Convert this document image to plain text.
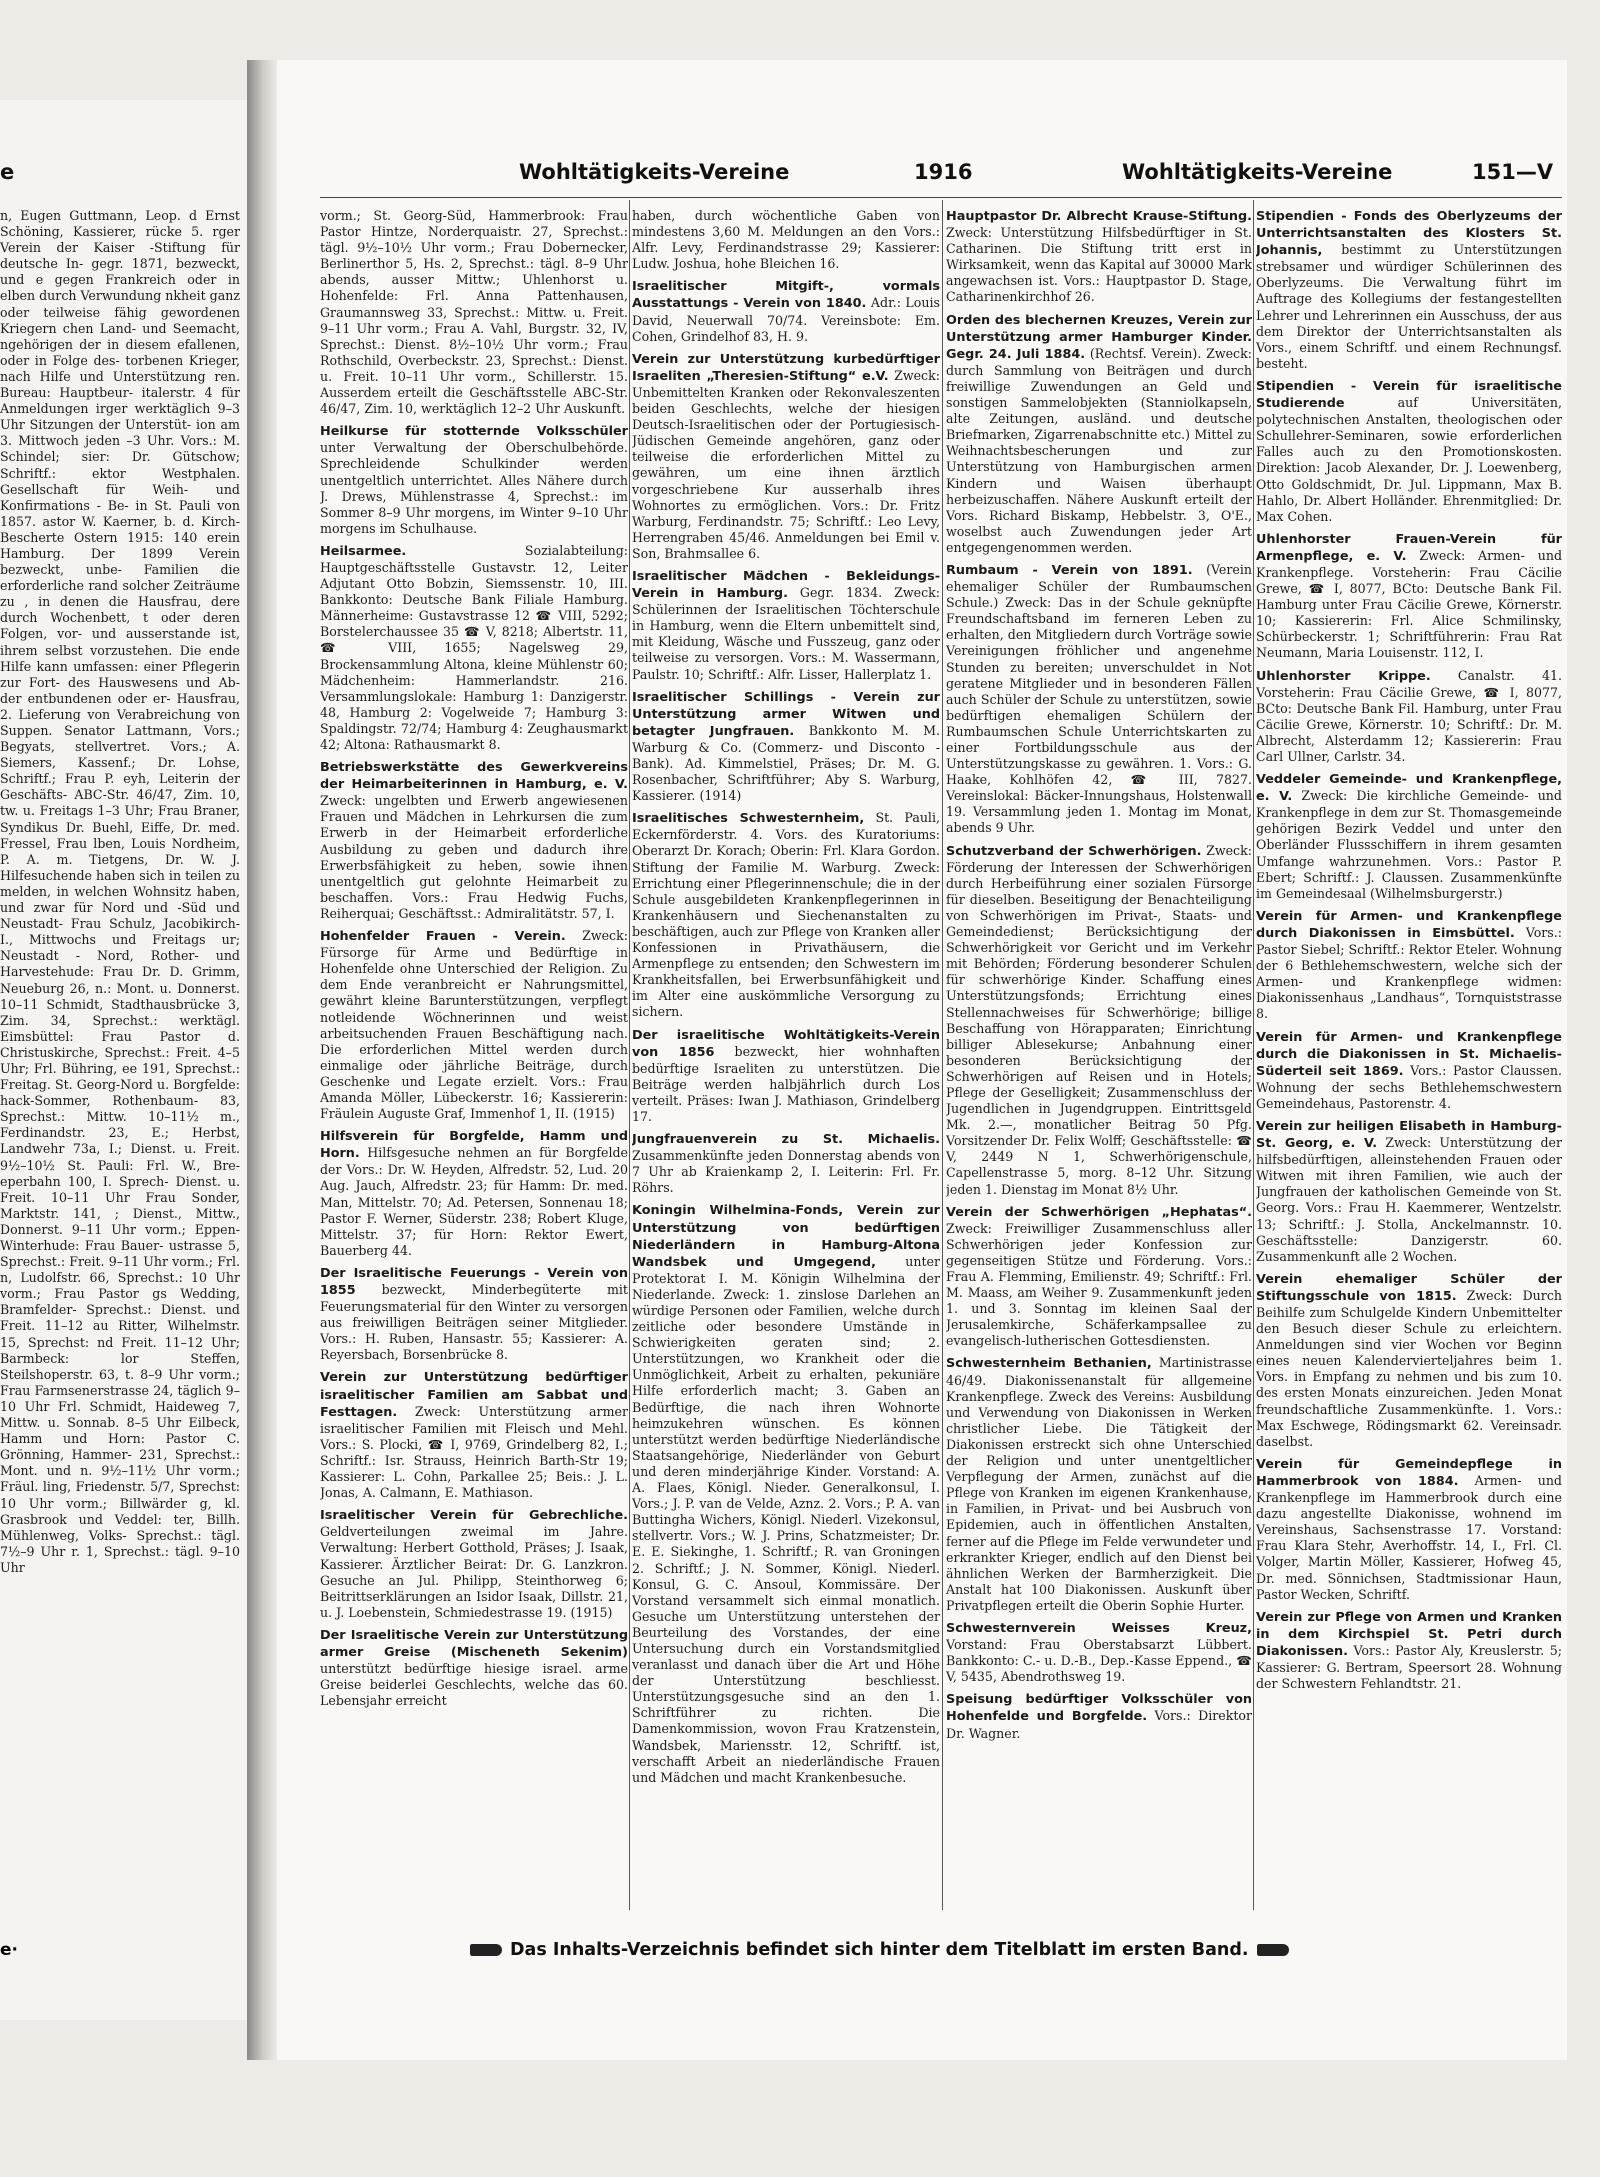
n, Eugen Guttmann, Leop. d Ernst Schöning, Kassierer, rücke 5. rger Verein der Kaiser -Stiftung für deutsche In- gegr. 1871, bezweckt, und e gegen Frankreich oder in elben durch Verwundung nkheit ganz oder teilweise fähig gewordenen Kriegern chen Land- und Seemacht, ngehörigen der in diesem efallenen, oder in Folge des- torbenen Krieger, nach Hilfe und Unterstützung ren. Bureau: Hauptbeur- italerstr. 4 für Anmeldungen irger werktäglich 9–3 Uhr Sitzungen der Unterstüt- ion am 3. Mittwoch jeden –3 Uhr. Vors.: M. Schindel; sier: Dr. Gütschow; Schriftf.: ektor Westphalen. Gesellschaft für Weih- und Konfirmations - Be- in St. Pauli von 1857. astor W. Kaerner, b. d. Kirch- Bescherte Ostern 1915: 140 erein Hamburg. Der 1899 Verein bezweckt, unbe- Familien die erforderliche rand solcher Zeiträume zu , in denen die Hausfrau, dere durch Wochenbett, t oder deren Folgen, vor- und ausserstande ist, ihrem selbst vorzustehen. Die ende Hilfe kann umfassen: einer Pflegerin zur Fort- des Hauswesens und Ab- der entbundenen oder er- Hausfrau, 2. Lieferung von Verabreichung von Suppen. Senator Lattmann, Vors.; Begyats, stellvertret. Vors.; A. Siemers, Kassenf.; Dr. Lohse, Schriftf.; Frau P. eyh, Leiterin der Geschäfts- ABC-Str. 46/47, Zim. 10, tw. u. Freitags 1–3 Uhr; Frau Braner, Syndikus Dr. Buehl, Eiffe, Dr. med. Fressel, Frau lben, Louis Nordheim, P. A. m. Tietgens, Dr. W. J. Hilfesuchende haben sich in teilen zu melden, in welchen Wohnsitz haben, und zwar für Nord und -Süd und Neustadt- Frau Schulz, Jacobikirch- I., Mittwochs und Freitags ur; Neustadt - Nord, Rother- und Harvestehude: Frau Dr. D. Grimm, Neueburg 26, n.: Mont. u. Donnerst. 10–11 Schmidt, Stadthausbrücke 3, Zim. 34, Sprechst.: werktägl. Eimsbüttel: Frau Pastor d. Christuskirche, Sprechst.: Freit. 4–5 Uhr; Frl. Bühring, ee 191, Sprechst.: Freitag. St. Georg-Nord u. Borgfelde: hack-Sommer, Rothenbaum- 83, Sprechst.: Mittw. 10–11½ m., Ferdinandstr. 23, E.; Herbst, Landwehr 73a, I.; Dienst. u. Freit. 9½–10½ St. Pauli: Frl. W., Bre- eperbahn 100, I. Sprech- Dienst. u. Freit. 10–11 Uhr Frau Sonder, Marktstr. 141, ; Dienst., Mittw., Donnerst. 9–11 Uhr vorm.; Eppen- Winterhude: Frau Bauer- ustrasse 5, Sprechst.: Freit. 9–11 Uhr vorm.; Frl. n, Ludolfstr. 66, Sprechst.: 10 Uhr vorm.; Frau Pastor gs Wedding, Bramfelder- Sprechst.: Dienst. und Freit. 11–12 au Ritter, Wilhelmstr. 15, Sprechst: nd Freit. 11–12 Uhr; Barmbeck: lor Steffen, Steilshoperstr. 63, t. 8–9 Uhr vorm.; Frau Farmsenerstrasse 24, täglich 9–10 Uhr Frl. Schmidt, Haideweg 7, Mittw. u. Sonnab. 8–5 Uhr Eilbeck, Hamm und Horn: Pastor C. Grönning, Hammer- 231, Sprechst.: Mont. und n. 9½–11½ Uhr vorm.; Fräul. ling, Friedenstr. 5/7, Sprechst: 10 Uhr vorm.; Billwärder g, kl. Grasbrook und Veddel: ter, Billh. Mühlenweg, Volks- Sprechst.: tägl. 7½–9 Uhr r. 1, Sprechst.: tägl. 9–10 Uhr
e·
e	Wohltätigkeits-Vereine	1916	Wohltätigkeits-Vereine	151—V

vorm.; St. Georg-Süd, Hammerbrook: Frau Pastor Hintze, Norderquaistr. 27, Sprechst.: tägl. 9½–10½ Uhr vorm.; Frau Dobernecker, Berlinerthor 5, Hs. 2, Sprechst.: tägl. 8–9 Uhr abends, ausser Mittw.; Uhlenhorst u. Hohenfelde: Frl. Anna Pattenhausen, Graumannsweg 33, Sprechst.: Mittw. u. Freit. 9–11 Uhr vorm.; Frau A. Vahl, Burgstr. 32, IV, Sprechst.: Dienst. 8½–10½ Uhr vorm.; Frau Rothschild, Overbeckstr. 23, Sprechst.: Dienst. u. Freit. 10–11 Uhr vorm., Schillerstr. 15. Ausserdem erteilt die Geschäftsstelle ABC-Str. 46/47, Zim. 10, werktäglich 12–2 Uhr Auskunft.

Heilkurse für stotternde Volksschüler unter Verwaltung der Oberschulbehörde. Sprechleidende Schulkinder werden unentgeltlich unterrichtet. Alles Nähere durch J. Drews, Mühlenstrasse 4, Sprechst.: im Sommer 8–9 Uhr morgens, im Winter 9–10 Uhr morgens im Schulhause.

Heilsarmee.	Sozialabteilung: Hauptgeschäftsstelle Gustavstr. 12, Leiter Adjutant Otto Bobzin, Siemssenstr. 10, III. Bankkonto: Deutsche Bank Filiale Hamburg. Männerheime: Gustavstrasse 12 ☎ VIII, 5292; Borstelerchaussee 35 ☎ V, 8218; Albertstr. 11, ☎ VIII, 1655; Nagelsweg 29, Brockensammlung Altona, kleine Mühlenstr 60; Mädchenheim: Hammerlandstr. 216. Versammlungslokale: Hamburg 1: Danzigerstr. 48, Hamburg 2: Vogelweide 7; Hamburg 3: Spaldingstr. 72/74; Hamburg 4: Zeughausmarkt 42; Altona: Rathausmarkt 8.

Betriebswerkstätte des Gewerkvereins der Heimarbeiterinnen in Hamburg, e. V. Zweck: ungelbten und Erwerb angewiesenen Frauen und Mädchen in Lehrkursen die zum Erwerb in der Heimarbeit erforderliche Ausbildung zu geben und dadurch ihre Erwerbsfähigkeit zu heben, sowie ihnen unentgeltlich gut gelohnte Heimarbeit zu beschaffen. Vors.: Frau Hedwig Fuchs, Reiherquai; Geschäftsst.: Admiralitätstr. 57, I.

Hohenfelder Frauen - Verein. Zweck: Fürsorge für Arme und Bedürftige in Hohenfelde ohne Unterschied der Religion. Zu dem Ende veranbreicht er Nahrungsmittel, gewährt kleine Barunterstützungen, verpflegt notleidende Wöchnerinnen und weist arbeitsuchenden Frauen Beschäftigung nach. Die erforderlichen Mittel werden durch einmalige oder jährliche Beiträge, durch Geschenke und Legate erzielt. Vors.: Frau Amanda Möller, Lübeckerstr. 16; Kassiererin: Fräulein Auguste Graf, Immenhof 1, II. (1915)

Hilfsverein für Borgfelde, Hamm und Horn. Hilfsgesuche nehmen an für Borgfelde der Vors.: Dr. W. Heyden, Alfredstr. 52, Lud. 20 Aug. Jauch, Alfredstr. 23; für Hamm: Dr. med. Man, Mittelstr. 70; Ad. Petersen, Sonnenau 18; Pastor F. Werner, Süderstr. 238; Robert Kluge, Mittelstr. 37; für Horn: Rektor Ewert, Bauerberg 44.

Der Israelitische Feuerungs - Verein von 1855 bezweckt, Minderbegüterte mit Feuerungsmaterial für den Winter zu versorgen aus freiwilligen Beiträgen seiner Mitglieder. Vors.: H. Ruben, Hansastr. 55; Kassierer: A. Reyersbach, Borsenbrücke 8.

Verein zur Unterstützung bedürftiger israelitischer Familien am Sabbat und Festtagen. Zweck: Unterstützung armer israelitischer Familien mit Fleisch und Mehl. Vors.: S. Plocki, ☎ I, 9769, Grindelberg 82, I.; Schriftf.: Isr. Strauss, Heinrich Barth-Str 19; Kassierer: L. Cohn, Parkallee 25; Beis.: J. L. Jonas, A. Calmann, E. Mathiason.

Israelitischer Verein für Gebrechliche. Geldverteilungen zweimal im Jahre. Verwaltung: Herbert Gotthold, Präses; J. Isaak, Kassierer. Ärztlicher Beirat: Dr. G. Lanzkron. Gesuche an Jul. Philipp, Steinthorweg 6; Beitrittserklärungen an Isidor Isaak, Dillstr. 21, u. J. Loebenstein, Schmiedestrasse 19. (1915)

Der Israelitische Verein zur Unterstützung armer Greise (Mischeneth Sekenim) unterstützt bedürftige hiesige israel. arme Greise beiderlei Geschlechts, welche das 60. Lebensjahr erreicht

haben, durch wöchentliche Gaben von mindestens 3,60 M. Meldungen an den Vors.: Alfr. Levy, Ferdinandstrasse 29; Kassierer: Ludw. Joshua, hohe Bleichen 16.

Israelitischer Mitgift-, vormals Ausstattungs - Verein von 1840. Adr.: Louis David, Neuerwall 70/74. Vereinsbote: Em. Cohen, Grindelhof 83, H. 9.

Verein zur Unterstützung kurbedürftiger Israeliten „Theresien-Stiftung“ e.V. Zweck: Unbemittelten Kranken oder Rekonvaleszenten beiden Geschlechts, welche der hiesigen Deutsch-Israelitischen oder der Portugiesisch-Jüdischen Gemeinde angehören, ganz oder teilweise die erforderlichen Mittel zu gewähren, um eine ihnen ärztlich vorgeschriebene Kur ausserhalb ihres Wohnortes zu ermöglichen. Vors.: Dr. Fritz Warburg, Ferdinandstr. 75; Schriftf.: Leo Levy, Herrengraben 45/46. Anmeldungen bei Emil v. Son, Brahmsallee 6.

Israelitischer Mädchen - Bekleidungs-Verein in Hamburg. Gegr. 1834. Zweck: Schülerinnen der Israelitischen Töchterschule in Hamburg, wenn die Eltern unbemittelt sind, mit Kleidung, Wäsche und Fusszeug, ganz oder teilweise zu versorgen. Vors.: M. Wassermann, Paulstr. 10; Schriftf.: Alfr. Lisser, Hallerplatz 1.

Israelitischer Schillings - Verein zur Unterstützung armer Witwen und betagter Jungfrauen. Bankkonto M. M. Warburg & Co. (Commerz- und Disconto - Bank). Ad. Kimmelstiel, Präses; Dr. M. G. Rosenbacher, Schriftführer; Aby S. Warburg, Kassierer. (1914)

Israelitisches Schwesternheim, St. Pauli, Eckernförderstr. 4. Vors. des Kuratoriums: Oberarzt Dr. Korach; Oberin: Frl. Klara Gordon. Stiftung der Familie M. Warburg. Zweck: Errichtung einer Pflegerinnenschule; die in der Schule ausgebildeten Krankenpflegerinnen in Krankenhäusern und Siechenanstalten zu beschäftigen, auch zur Pflege von Kranken aller Konfessionen in Privathäusern, die Armenpflege zu entsenden; den Schwestern im Krankheitsfallen, bei Erwerbsunfähigkeit und im Alter eine auskömmliche Versorgung zu sichern.

Der israelitische Wohltätigkeits-Verein von 1856 bezweckt, hier wohnhaften bedürftige Israeliten zu unterstützen. Die Beiträge werden halbjährlich durch Los verteilt. Präses: Iwan J. Mathiason, Grindelberg 17.

Jungfrauenverein zu St. Michaelis. Zusammenkünfte jeden Donnerstag abends von 7 Uhr ab Kraienkamp 2, I. Leiterin: Frl. Fr. Röhrs.

Koningin Wilhelmina-Fonds, Verein zur Unterstützung von bedürftigen Niederländern in Hamburg-Altona Wandsbek und Umgegend, unter Protektorat I. M. Königin Wilhelmina der Niederlande. Zweck: 1. zinslose Darlehen an würdige Personen oder Familien, welche durch zeitliche oder besondere Umstände in Schwierigkeiten geraten sind; 2. Unterstützungen, wo Krankheit oder die Unmöglichkeit, Arbeit zu erhalten, pekuniäre Hilfe erforderlich macht; 3. Gaben an Bedürftige, die nach ihren Wohnorte heimzukehren wünschen. Es können unterstützt werden bedürftige Niederländische Staatsangehörige, Niederländer von Geburt und deren minderjährige Kinder. Vorstand: A. A. Flaes, Königl. Nieder. Generalkonsul, I. Vors.; J. P. van de Velde, Aznz. 2. Vors.; P. A. van Buttingha Wichers, Königl. Niederl. Vizekonsul, stellvertr. Vors.; W. J. Prins, Schatzmeister; Dr. E. E. Siekinghe, 1. Schriftf.; R. van Groningen 2. Schriftf.; J. N. Sommer, Königl. Niederl. Konsul, G. C. Ansoul, Kommissäre. Der Vorstand versammelt sich einmal monatlich. Gesuche um Unterstützung unterstehen der Beurteilung des Vorstandes, der eine Untersuchung durch ein Vorstandsmitglied veranlasst und danach über die Art und Höhe der Unterstützung beschliesst. Unterstützungsgesuche sind an den 1. Schriftführer zu richten. Die Damenkommission, wovon Frau Kratzenstein, Wandsbek, Mariensstr. 12, Schriftf. ist, verschafft Arbeit an niederländische Frauen und Mädchen und macht Krankenbesuche.

Hauptpastor Dr. Albrecht Krause-Stiftung. Zweck: Unterstützung Hilfsbedürftiger in St. Catharinen. Die Stiftung tritt erst in Wirksamkeit, wenn das Kapital auf 30000 Mark angewachsen ist. Vors.: Hauptpastor D. Stage, Catharinenkirchhof 26.

Orden des blechernen Kreuzes, Verein zur Unterstützung armer Hamburger Kinder. Gegr. 24. Juli 1884. (Rechtsf. Verein). Zweck: durch Sammlung von Beiträgen und durch freiwillige Zuwendungen an Geld und sonstigen Sammelobjekten (Stanniolkapseln, alte Zeitungen, ausländ. und deutsche Briefmarken, Zigarrenabschnitte etc.) Mittel zu Weihnachtsbescherungen und zur Unterstützung von Hamburgischen armen Kindern und Waisen überhaupt herbeizuschaffen. Nähere Auskunft erteilt der Vors. Richard Biskamp, Hebbelstr. 3, O'E., woselbst auch Zuwendungen jeder Art entgegengenommen werden.

Rumbaum - Verein von 1891. (Verein ehemaliger Schüler der Rumbaumschen Schule.) Zweck: Das in der Schule geknüpfte Freundschaftsband im ferneren Leben zu erhalten, den Mitgliedern durch Vorträge sowie Vereinigungen fröhlicher und angenehme Stunden zu bereiten; unverschuldet in Not geratene Mitglieder und in besonderen Fällen auch Schüler der Schule zu unterstützen, sowie bedürftigen ehemaligen Schülern der Rumbaumschen Schule Unterrichtskarten zu einer Fortbildungsschule aus der Unterstützungskasse zu gewähren. 1. Vors.: G. Haake, Kohlhöfen 42, ☎ III, 7827. Vereinslokal: Bäcker-Innungshaus, Holstenwall 19. Versammlung jeden 1. Montag im Monat, abends 9 Uhr.

Schutzverband der Schwerhörigen. Zweck: Förderung der Interessen der Schwerhörigen durch Herbeiführung einer sozialen Fürsorge für dieselben. Beseitigung der Benachteiligung von Schwerhörigen im Privat-, Staats- und Gemeindedienst; Berücksichtigung der Schwerhörigkeit vor Gericht und im Verkehr mit Behörden; Förderung besonderer Schulen für schwerhörige Kinder. Schaffung eines Unterstützungsfonds; Errichtung eines Stellennachweises für Schwerhörige; billige Beschaffung von Hörapparaten; Einrichtung billiger Ablesekurse; Anbahnung einer besonderen Berücksichtigung der Schwerhörigen auf Reisen und in Hotels; Pflege der Geselligkeit; Zusammenschluss der Jugendlichen in Jugendgruppen. Eintrittsgeld Mk. 2.—, monatlicher Beitrag 50 Pfg. Vorsitzender Dr. Felix Wolff; Geschäftsstelle: ☎ V, 2449 N 1, Schwerhörigenschule, Capellenstrasse 5, morg. 8–12 Uhr. Sitzung jeden 1. Dienstag im Monat 8½ Uhr.

Verein der Schwerhörigen „Hephatas“. Zweck: Freiwilliger Zusammenschluss aller Schwerhörigen jeder Konfession zur gegenseitigen Stütze und Förderung. Vors.: Frau A. Flemming, Emilienstr. 49; Schriftf.: Frl. M. Maass, am Weiher 9. Zusammenkunft jeden 1. und 3. Sonntag im kleinen Saal der Jerusalemkirche, Schäferkampsallee zu evangelisch-lutherischen Gottesdiensten.

Schwesternheim Bethanien, Martinistrasse 46/49. Diakonissenanstalt für allgemeine Krankenpflege. Zweck des Vereins: Ausbildung und Verwendung von Diakonissen in Werken christlicher Liebe. Die Tätigkeit der Diakonissen erstreckt sich ohne Unterschied der Religion und unter unentgeltlicher Verpflegung der Armen, zunächst auf die Pflege von Kranken im eigenen Krankenhause, in Familien, in Privat- und bei Ausbruch von Epidemien, auch in öffentlichen Anstalten, ferner auf die Pflege im Felde verwundeter und erkrankter Krieger, endlich auf den Dienst bei ähnlichen Werken der Barmherzigkeit. Die Anstalt hat 100 Diakonissen. Auskunft über Privatpflegen erteilt die Oberin Sophie Hurter.

Schwesternverein Weisses Kreuz, Vorstand: Frau Oberstabsarzt Lübbert. Bankkonto: C.- u. D.-B., Dep.-Kasse Eppend., ☎ V, 5435, Abendrothsweg 19.

Speisung bedürftiger Volksschüler von Hohenfelde und Borgfelde. Vors.: Direktor Dr. Wagner.

Stipendien - Fonds des Oberlyzeums der Unterrichtsanstalten des Klosters St. Johannis, bestimmt zu Unterstützungen strebsamer und würdiger Schülerinnen des Oberlyzeums. Die Verwaltung führt im Auftrage des Kollegiums der festangestellten Lehrer und Lehrerinnen ein Ausschuss, der aus dem Direktor der Unterrichtsanstalten als Vors., einem Schriftf. und einem Rechnungsf. besteht.

Stipendien - Verein für israelitische Studierende	auf Universitäten, polytechnischen Anstalten, theologischen oder Schullehrer-Seminaren, sowie erforderlichen Falles auch zu den Promotionskosten. Direktion: Jacob Alexander, Dr. J. Loewenberg, Otto Goldschmidt, Dr. Jul. Lippmann, Max B. Hahlo, Dr. Albert Holländer. Ehrenmitglied: Dr. Max Cohen.

Uhlenhorster Frauen-Verein für Armenpflege, e. V. Zweck: Armen- und Krankenpflege. Vorsteherin: Frau Cäcilie Grewe, ☎ I, 8077, BCto: Deutsche Bank Fil. Hamburg unter Frau Cäcilie Grewe, Körnerstr. 10; Kassiererin: Frl. Alice Schmilinsky, Schürbeckerstr. 1; Schriftführerin: Frau Rat Neumann, Maria Louisenstr. 112, I.

Uhlenhorster Krippe. Canalstr. 41. Vorsteherin: Frau Cäcilie Grewe, ☎ I, 8077, BCto: Deutsche Bank Fil. Hamburg, unter Frau Cäcilie Grewe, Körnerstr. 10; Schriftf.: Dr. M. Albrecht, Alsterdamm 12; Kassiererin: Frau Carl Ullner, Carlstr. 34.

Veddeler Gemeinde- und Krankenpflege, e. V. Zweck: Die kirchliche Gemeinde- und Krankenpflege in dem zur St. Thomasgemeinde gehörigen Bezirk Veddel und unter den Oberländer Flussschiffern in ihrem gesamten Umfange wahrzunehmen. Vors.: Pastor P. Ebert; Schriftf.: J. Claussen. Zusammenkünfte im Gemeindesaal (Wilhelmsburgerstr.)

Verein für Armen- und Krankenpflege durch Diakonissen in Eimsbüttel. Vors.: Pastor Siebel; Schriftf.: Rektor Eteler. Wohnung der 6 Bethlehemschwestern, welche sich der Armen- und Krankenpflege widmen: Diakonissenhaus „Landhaus“, Tornquiststrasse 8.

Verein für Armen- und Krankenpflege durch die Diakonissen in St. Michaelis-Süderteil seit 1869. Vors.: Pastor Claussen. Wohnung der sechs Bethlehemschwestern Gemeindehaus, Pastorenstr. 4.

Verein zur heiligen Elisabeth in Hamburg-St. Georg, e. V. Zweck: Unterstützung der hilfsbedürftigen, alleinstehenden Frauen oder Witwen mit ihren Familien, wie auch der Jungfrauen der katholischen Gemeinde von St. Georg. Vors.: Frau H. Kaemmerer, Wentzelstr. 13; Schriftf.: J. Stolla, Anckelmannstr. 10. Geschäftsstelle: Danzigerstr. 60. Zusammenkunft alle 2 Wochen.

Verein ehemaliger Schüler der Stiftungsschule von 1815. Zweck: Durch Beihilfe zum Schulgelde Kindern Unbemittelter den Besuch dieser Schule zu erleichtern. Anmeldungen sind vier Wochen vor Beginn eines neuen Kalendervierteljahres beim 1. Vors. in Empfang zu nehmen und bis zum 10. des ersten Monats einzureichen. Jeden Monat freundschaftliche Zusammenkünfte. 1. Vors.: Max Eschwege, Rödingsmarkt 62. Vereinsadr. daselbst.

Verein für Gemeindepflege in Hammerbrook von 1884. Armen- und Krankenpflege im Hammerbrook durch eine dazu angestellte Diakonisse, wohnend im Vereinshaus, Sachsenstrasse 17. Vorstand: Frau Klara Stehr, Averhoffstr. 14, I., Frl. Cl. Volger, Martin Möller, Kassierer, Hofweg 45, Dr. med. Sönnichsen, Stadtmissionar Haun, Pastor Wecken, Schriftf.

Verein zur Pflege von Armen und Kranken in dem Kirchspiel St. Petri durch Diakonissen. Vors.: Pastor Aly, Kreuslerstr. 5; Kassierer: G. Bertram, Speersort 28. Wohnung der Schwestern Fehlandtstr. 21.

Das Inhalts-Verzeichnis befindet sich hinter dem Titelblatt im ersten Band.
